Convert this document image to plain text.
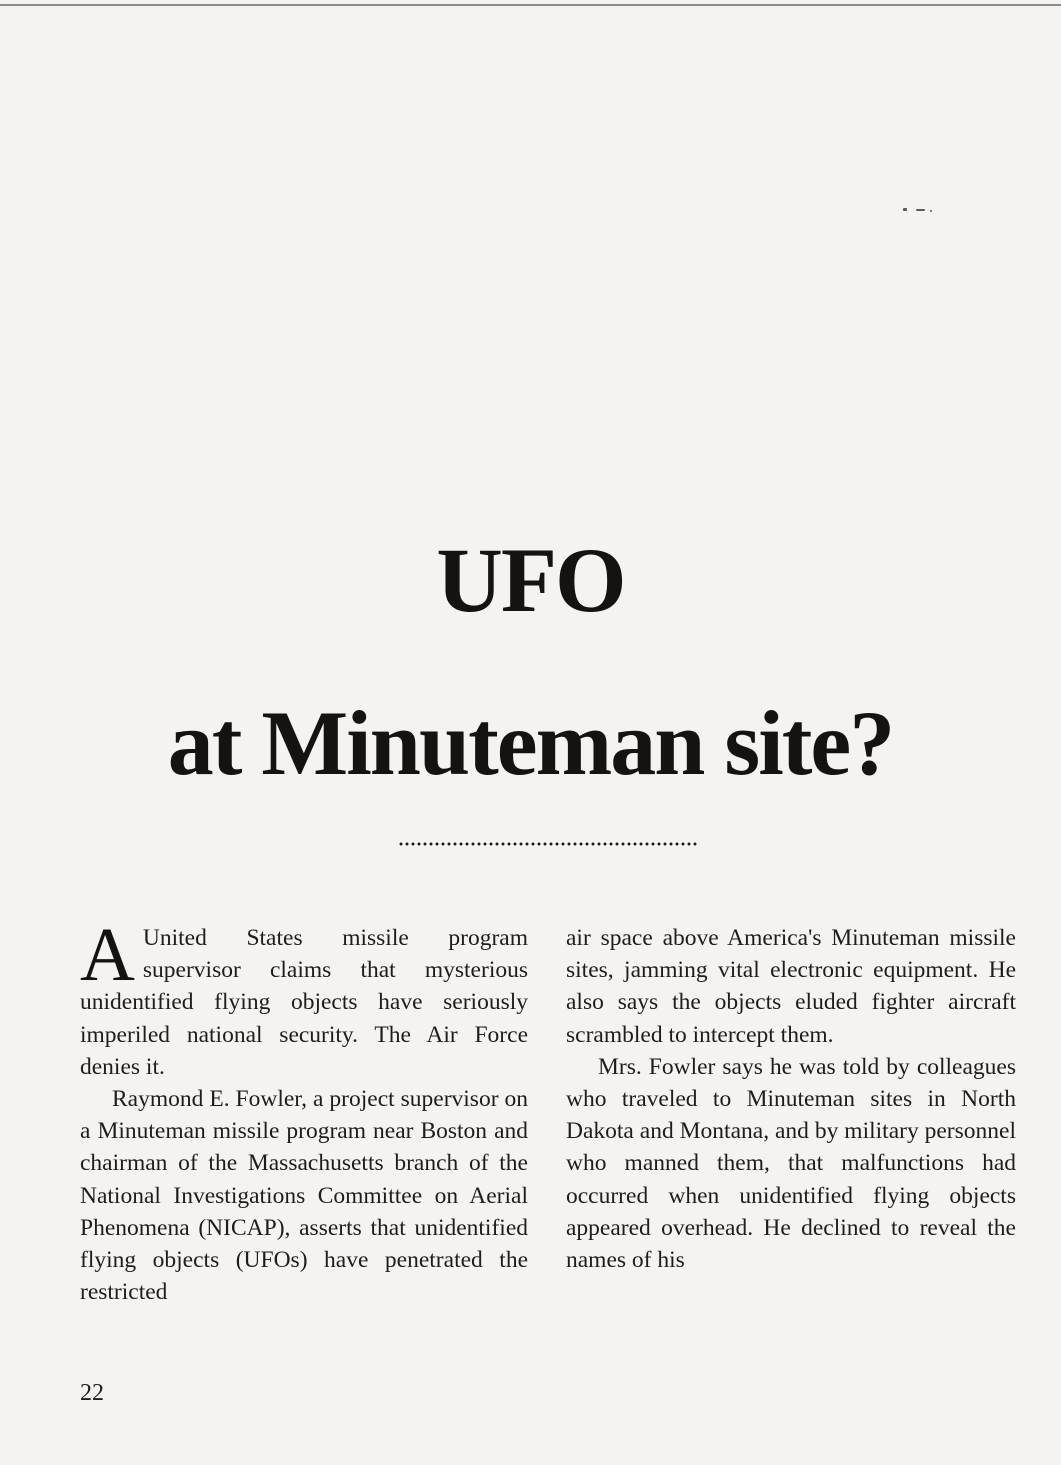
UFO
at Minuteman site?

A United States missile program supervisor claims that mysterious unidentified flying objects have seriously imperiled national security. The Air Force denies it.

Raymond E. Fowler, a project supervisor on a Minuteman missile program near Boston and chairman of the Massachusetts branch of the National Investigations Committee on Aerial Phenomena (NICAP), asserts that unidentified flying objects (UFOs) have penetrated the restricted

air space above America's Minuteman missile sites, jamming vital electronic equipment. He also says the objects eluded fighter aircraft scrambled to intercept them.

Mrs. Fowler says he was told by colleagues who traveled to Minuteman sites in North Dakota and Montana, and by military personnel who manned them, that malfunctions had occurred when unidentified flying objects appeared overhead. He declined to reveal the names of his

22
